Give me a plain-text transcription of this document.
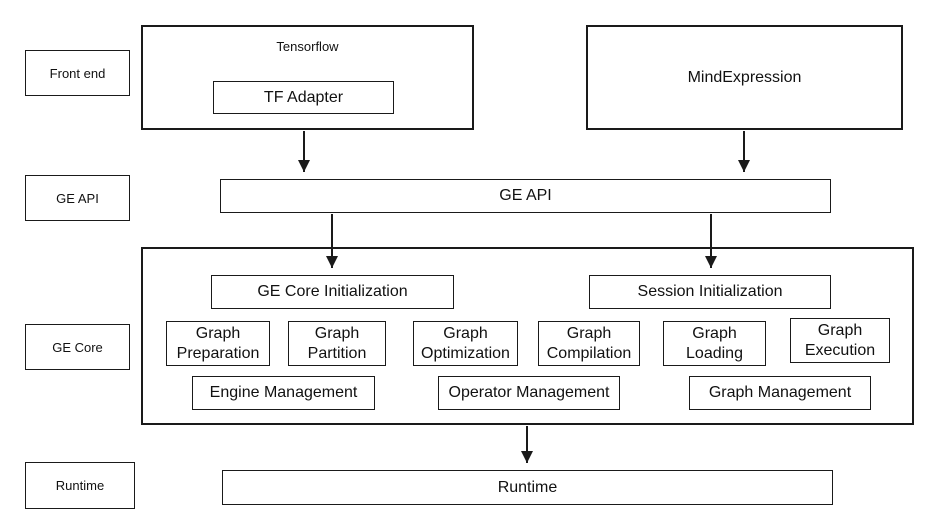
Front end
GE API
GE Core
Runtime
Tensorflow
TF Adapter
MindExpression
GE API
GE Core Initialization	Session Initialization
Graph
Preparation
Graph
Partition
Graph
Optimization
Graph
Compilation
Graph
Loading
Graph
Execution
Engine Management	Operator Management	Graph Management
Runtime
